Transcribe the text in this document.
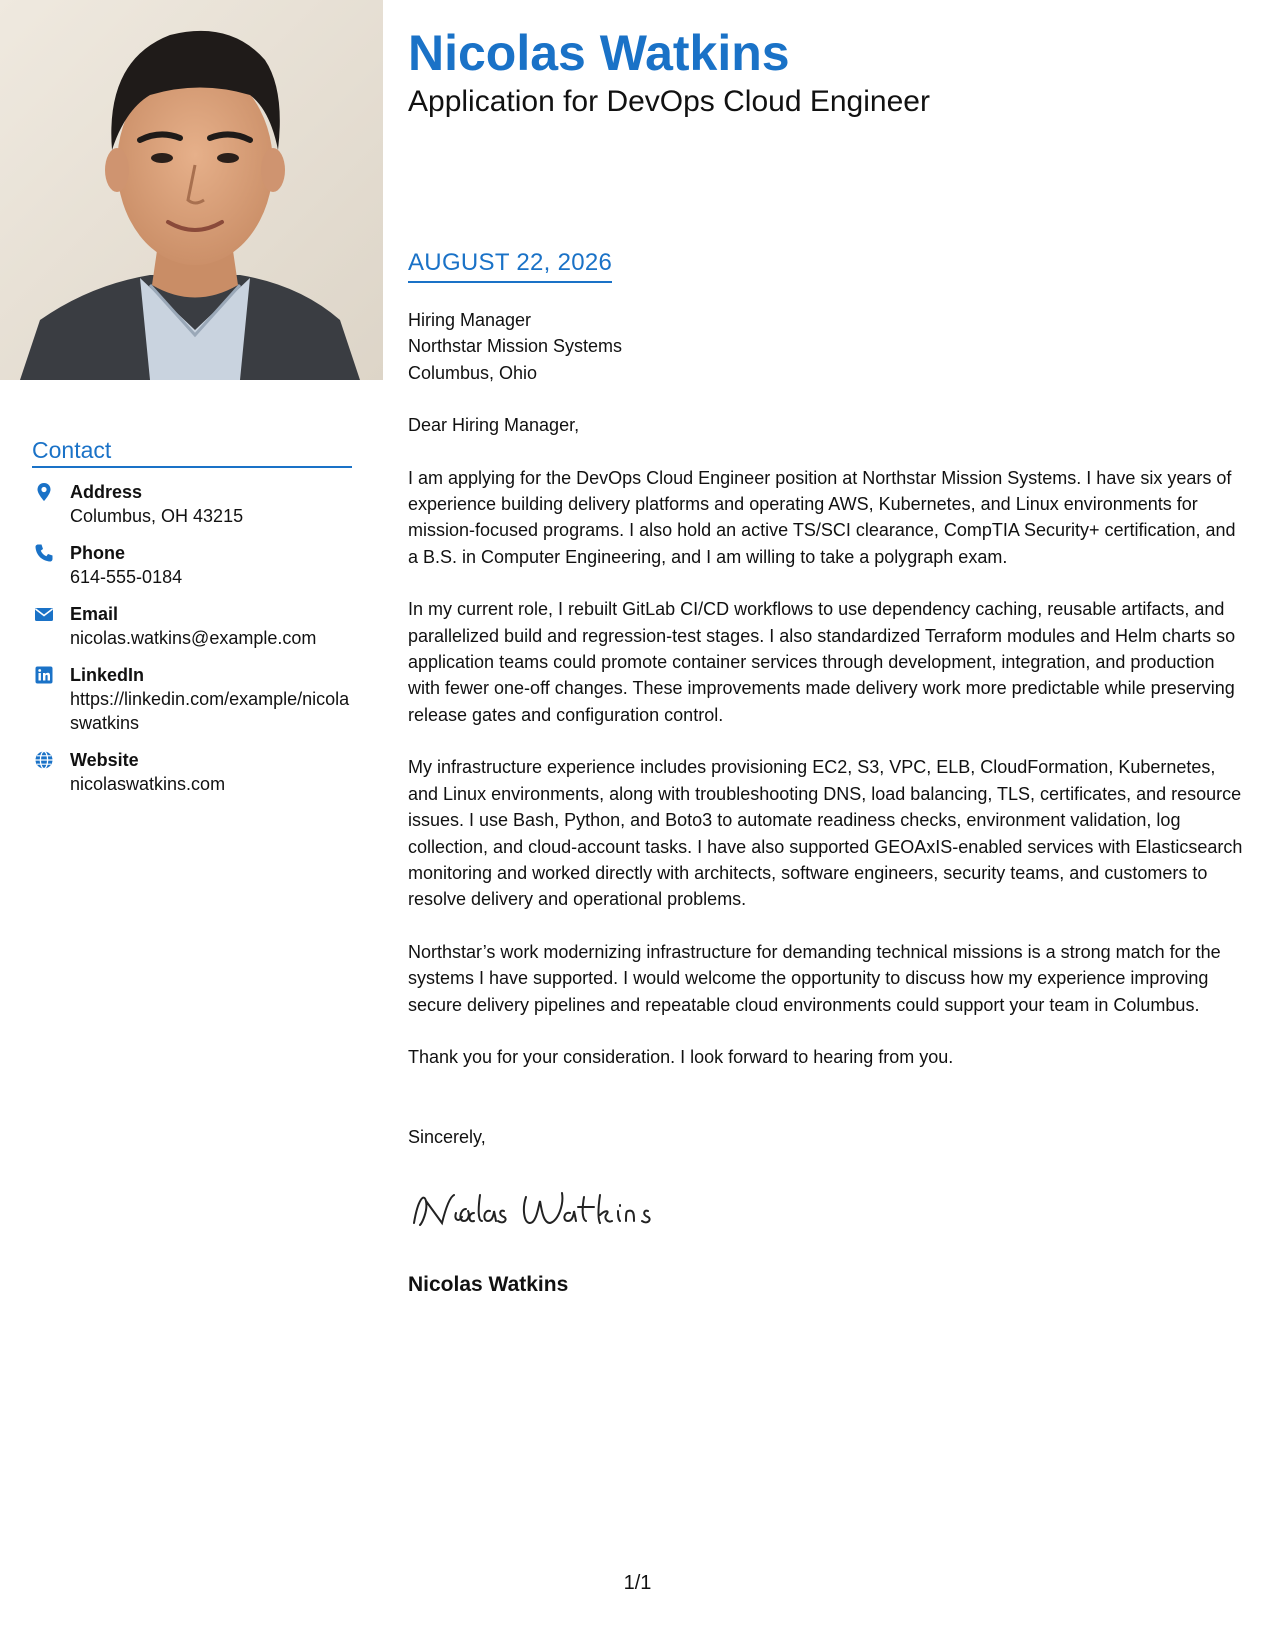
Contact
Address
Columbus, OH 43215
Phone
614-555-0184
Email
nicolas.watkins@example.com
LinkedIn
https://linkedin.com/example/nicolaswatkins
Website
nicolaswatkins.com
Nicolas Watkins
Application for DevOps Cloud Engineer
AUGUST 22, 2026
Hiring Manager
Northstar Mission Systems
Columbus, Ohio
Dear Hiring Manager,

I am applying for the DevOps Cloud Engineer position at Northstar Mission Systems. I have six years of experience building delivery platforms and operating AWS, Kubernetes, and Linux environments for mission-focused programs. I also hold an active TS/SCI clearance, CompTIA Security+ certification, and a B.S. in Computer Engineering, and I am willing to take a polygraph exam.

In my current role, I rebuilt GitLab CI/CD workflows to use dependency caching, reusable artifacts, and parallelized build and regression-test stages. I also standardized Terraform modules and Helm charts so application teams could promote container services through development, integration, and production with fewer one-off changes. These improvements made delivery work more predictable while preserving release gates and configuration control.

My infrastructure experience includes provisioning EC2, S3, VPC, ELB, CloudFormation, Kubernetes, and Linux environments, along with troubleshooting DNS, load balancing, TLS, certificates, and resource issues. I use Bash, Python, and Boto3 to automate readiness checks, environment validation, log collection, and cloud-account tasks. I have also supported GEOAxIS-enabled services with Elasticsearch monitoring and worked directly with architects, software engineers, security teams, and customers to resolve delivery and operational problems.

Northstar’s work modernizing infrastructure for demanding technical missions is a strong match for the systems I have supported. I would welcome the opportunity to discuss how my experience improving secure delivery pipelines and repeatable cloud environments could support your team in Columbus.

Thank you for your consideration. I look forward to hearing from you.

Sincerely,
Nicolas Watkins
1/1
